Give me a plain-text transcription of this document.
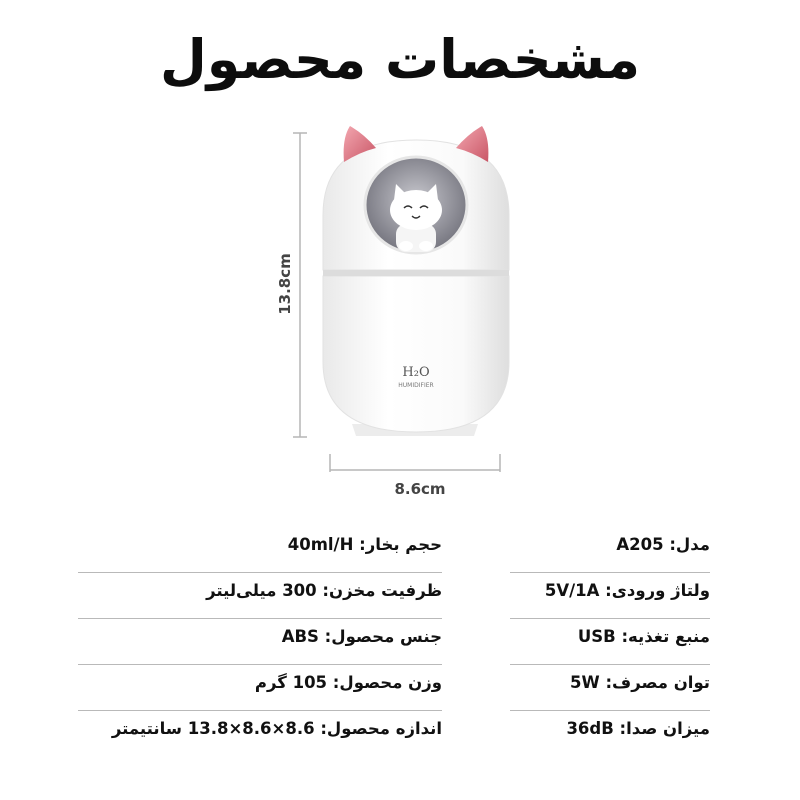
مشخصات محصول
H₂O
HUMIDIFIER
13.8cm
8.6cm
مدل: A205
ولتاژ ورودی: 5V/1A
منبع تغذیه: USB
توان مصرف: 5W
میزان صدا: 36dB
حجم بخار: 40ml/H
ظرفیت مخزن: 300 میلی‌لیتر
جنس محصول: ABS
وزن محصول: 105 گرم
اندازه محصول: 8.6×8.6×13.8 سانتیمتر
